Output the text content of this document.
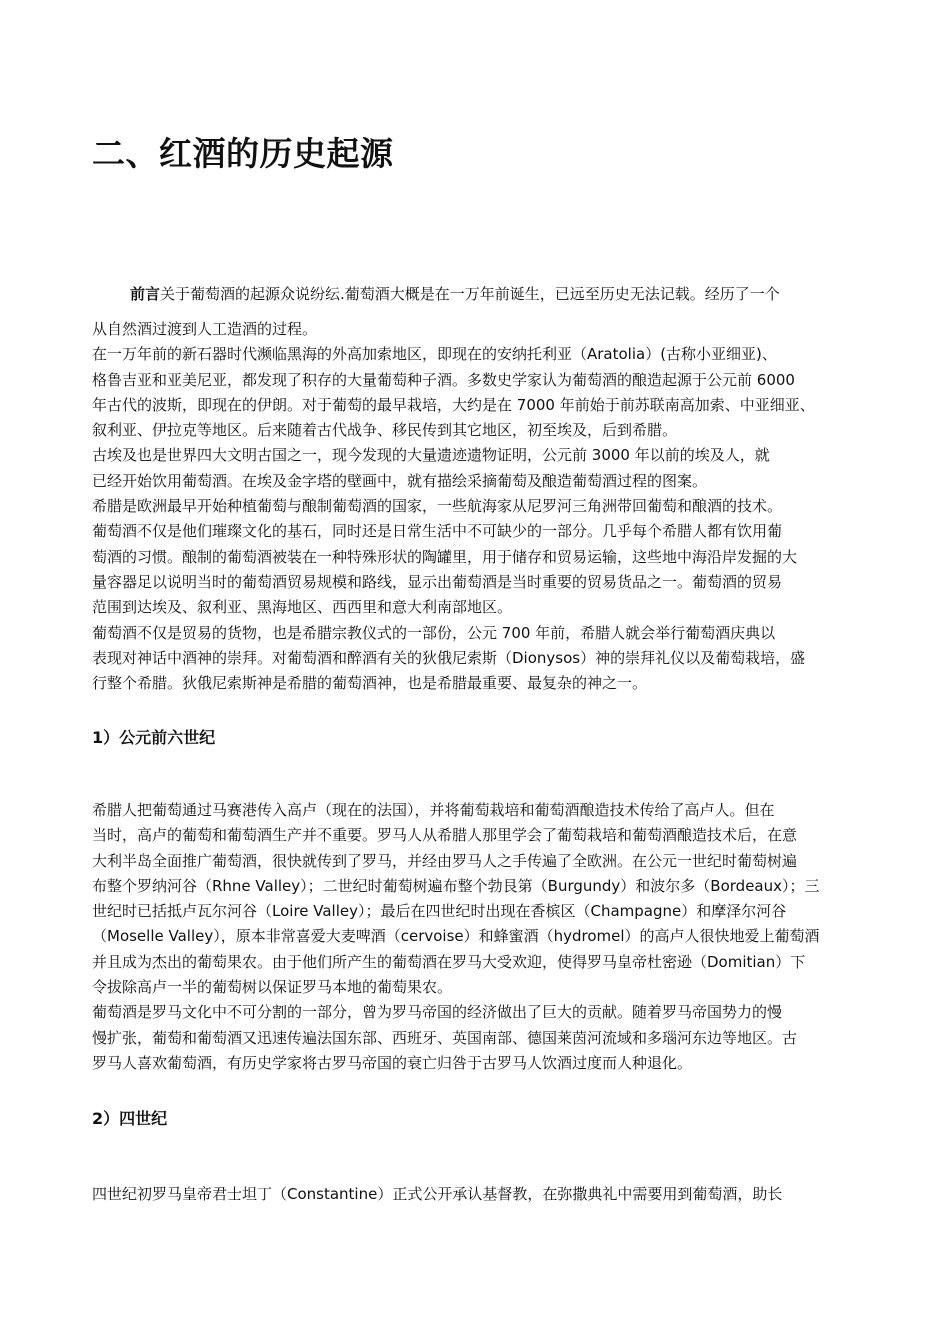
二、红酒的历史起源
前言关于葡萄酒的起源众说纷纭.葡萄酒大概是在一万年前诞生，已远至历史无法记载。经历了一个
从自然酒过渡到人工造酒的过程。
在一万年前的新石器时代濒临黑海的外高加索地区，即现在的安纳托利亚（Aratolia）(古称小亚细亚)、
格鲁吉亚和亚美尼亚，都发现了积存的大量葡萄种子酒。多数史学家认为葡萄酒的酿造起源于公元前 6000
年古代的波斯，即现在的伊朗。对于葡萄的最早栽培，大约是在 7000 年前始于前苏联南高加索、中亚细亚、
叙利亚、伊拉克等地区。后来随着古代战争、移民传到其它地区，初至埃及，后到希腊。
古埃及也是世界四大文明古国之一，现今发现的大量遗迹遗物证明，公元前 3000 年以前的埃及人，就
已经开始饮用葡萄酒。在埃及金字塔的壁画中，就有描绘采摘葡萄及酿造葡萄酒过程的图案。
希腊是欧洲最早开始种植葡萄与酿制葡萄酒的国家，一些航海家从尼罗河三角洲带回葡萄和酿酒的技术。
葡萄酒不仅是他们璀璨文化的基石，同时还是日常生活中不可缺少的一部分。几乎每个希腊人都有饮用葡
萄酒的习惯。酿制的葡萄酒被装在一种特殊形状的陶罐里，用于储存和贸易运输，这些地中海沿岸发掘的大
量容器足以说明当时的葡萄酒贸易规模和路线，显示出葡萄酒是当时重要的贸易货品之一。葡萄酒的贸易
范围到达埃及、叙利亚、黑海地区、西西里和意大利南部地区。
葡萄酒不仅是贸易的货物，也是希腊宗教仪式的一部份，公元 700 年前，希腊人就会举行葡萄酒庆典以
表现对神话中酒神的崇拜。对葡萄酒和醉酒有关的狄俄尼索斯（Dionysos）神的崇拜礼仪以及葡萄栽培，盛
行整个希腊。狄俄尼索斯神是希腊的葡萄酒神，也是希腊最重要、最复杂的神之一。
1）公元前六世纪
希腊人把葡萄通过马赛港传入高卢（现在的法国），并将葡萄栽培和葡萄酒酿造技术传给了高卢人。但在
当时，高卢的葡萄和葡萄酒生产并不重要。罗马人从希腊人那里学会了葡萄栽培和葡萄酒酿造技术后，在意
大利半岛全面推广葡萄酒，很快就传到了罗马，并经由罗马人之手传遍了全欧洲。在公元一世纪时葡萄树遍
布整个罗纳河谷（Rhne Valley）；二世纪时葡萄树遍布整个勃艮第（Burgundy）和波尔多（Bordeaux）；三
世纪时已括抵卢瓦尔河谷（Loire Valley）；最后在四世纪时出现在香槟区（Champagne）和摩泽尔河谷
（Moselle Valley），原本非常喜爱大麦啤酒（cervoise）和蜂蜜酒（hydromel）的高卢人很快地爱上葡萄酒
并且成为杰出的葡萄果农。由于他们所产生的葡萄酒在罗马大受欢迎，使得罗马皇帝杜密逊（Domitian）下
令拔除高卢一半的葡萄树以保证罗马本地的葡萄果农。
葡萄酒是罗马文化中不可分割的一部分，曾为罗马帝国的经济做出了巨大的贡献。随着罗马帝国势力的慢
慢扩张，葡萄和葡萄酒又迅速传遍法国东部、西班牙、英国南部、德国莱茵河流域和多瑙河东边等地区。古
罗马人喜欢葡萄酒，有历史学家将古罗马帝国的衰亡归咎于古罗马人饮酒过度而人种退化。
2）四世纪
四世纪初罗马皇帝君士坦丁（Constantine）正式公开承认基督教，在弥撒典礼中需要用到葡萄酒，助长
